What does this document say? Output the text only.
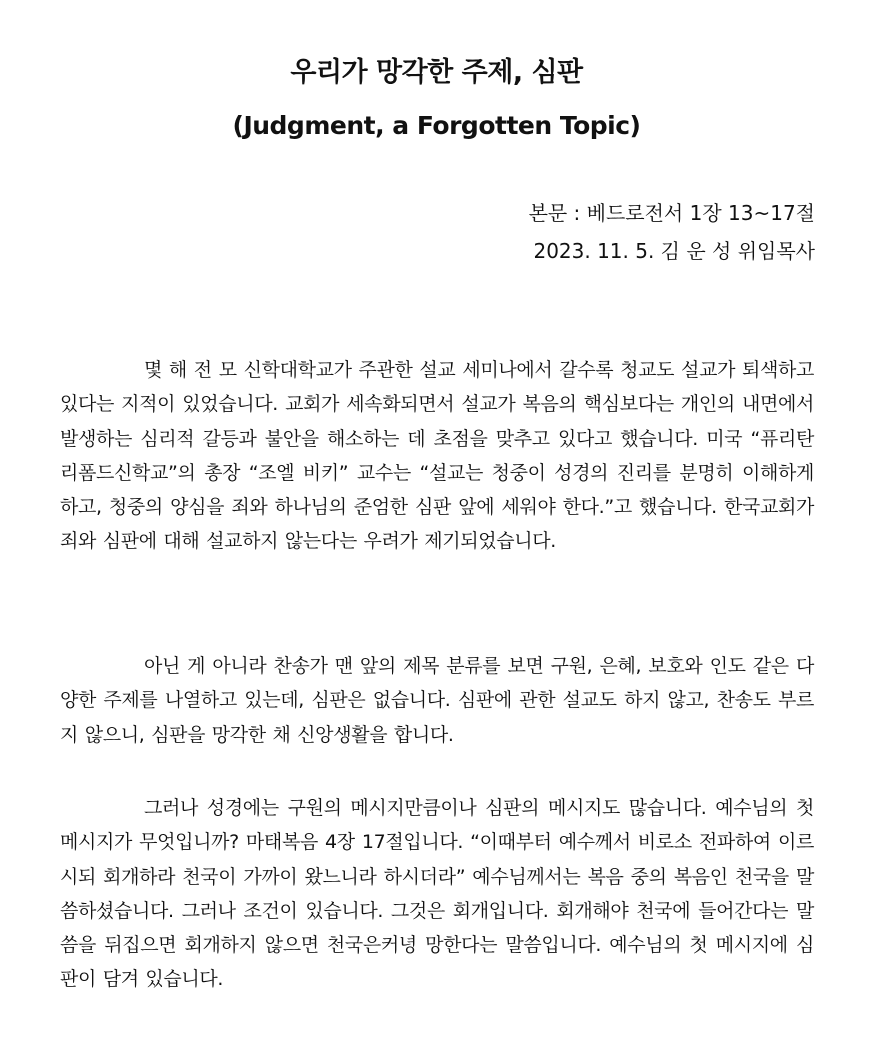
우리가 망각한 주제, 심판
(Judgment, a Forgotten Topic)

본문 : 베드로전서 1장 13~17절

2023. 11. 5. 김 운 성 위임목사

몇 해 전 모 신학대학교가 주관한 설교 세미나에서 갈수록 청교도 설교가 퇴색하고 있다는 지적이 있었습니다. 교회가 세속화되면서 설교가 복음의 핵심보다는 개인의 내면에서 발생하는 심리적 갈등과 불안을 해소하는 데 초점을 맞추고 있다고 했습니다. 미국 “퓨리탄리폼드신학교”의 총장 “조엘 비키” 교수는 “설교는 청중이 성경의 진리를 분명히 이해하게 하고, 청중의 양심을 죄와 하나님의 준엄한 심판 앞에 세워야 한다.”고 했습니다. 한국교회가 죄와 심판에 대해 설교하지 않는다는 우려가 제기되었습니다.

아닌 게 아니라 찬송가 맨 앞의 제목 분류를 보면 구원, 은혜, 보호와 인도 같은 다양한 주제를 나열하고 있는데, 심판은 없습니다. 심판에 관한 설교도 하지 않고, 찬송도 부르지 않으니, 심판을 망각한 채 신앙생활을 합니다.

그러나 성경에는 구원의 메시지만큼이나 심판의 메시지도 많습니다. 예수님의 첫 메시지가 무엇입니까? 마태복음 4장 17절입니다. “이때부터 예수께서 비로소 전파하여 이르시되 회개하라 천국이 가까이 왔느니라 하시더라” 예수님께서는 복음 중의 복음인 천국을 말씀하셨습니다. 그러나 조건이 있습니다. 그것은 회개입니다. 회개해야 천국에 들어간다는 말씀을 뒤집으면 회개하지 않으면 천국은커녕 망한다는 말씀입니다. 예수님의 첫 메시지에 심판이 담겨 있습니다.
